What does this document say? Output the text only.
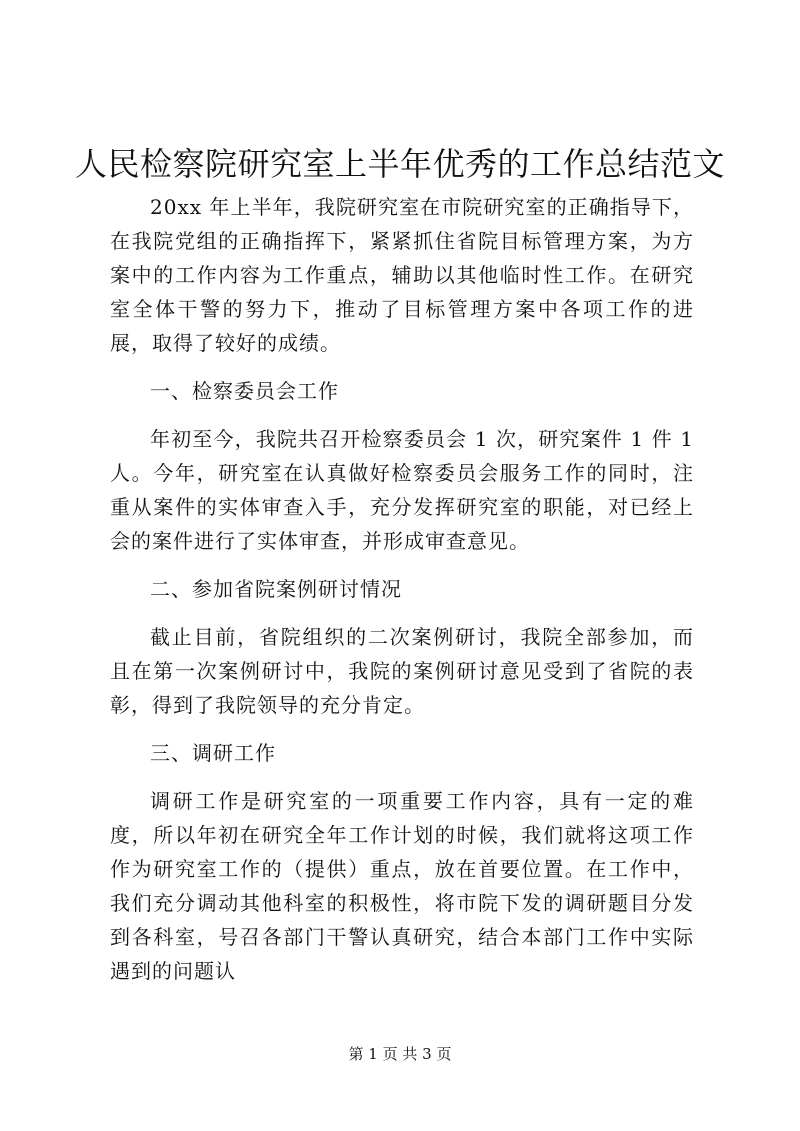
人民检察院研究室上半年优秀的工作总结范文

20xx 年上半年，我院研究室在市院研究室的正确指导下，在我院党组的正确指挥下，紧紧抓住省院目标管理方案，为方案中的工作内容为工作重点，辅助以其他临时性工作。在研究室全体干警的努力下，推动了目标管理方案中各项工作的进展，取得了较好的成绩。

一、检察委员会工作

年初至今，我院共召开检察委员会 1 次，研究案件 1 件 1 人。今年，研究室在认真做好检察委员会服务工作的同时，注重从案件的实体审查入手，充分发挥研究室的职能，对已经上会的案件进行了实体审查，并形成审查意见。

二、参加省院案例研讨情况

截止目前，省院组织的二次案例研讨，我院全部参加，而且在第一次案例研讨中，我院的案例研讨意见受到了省院的表彰，得到了我院领导的充分肯定。

三、调研工作

调研工作是研究室的一项重要工作内容，具有一定的难度，所以年初在研究全年工作计划的时候，我们就将这项工作作为研究室工作的（提供）重点，放在首要位置。在工作中，我们充分调动其他科室的积极性，将市院下发的调研题目分发到各科室，号召各部门干警认真研究，结合本部门工作中实际遇到的问题认

第 1 页 共 3 页
